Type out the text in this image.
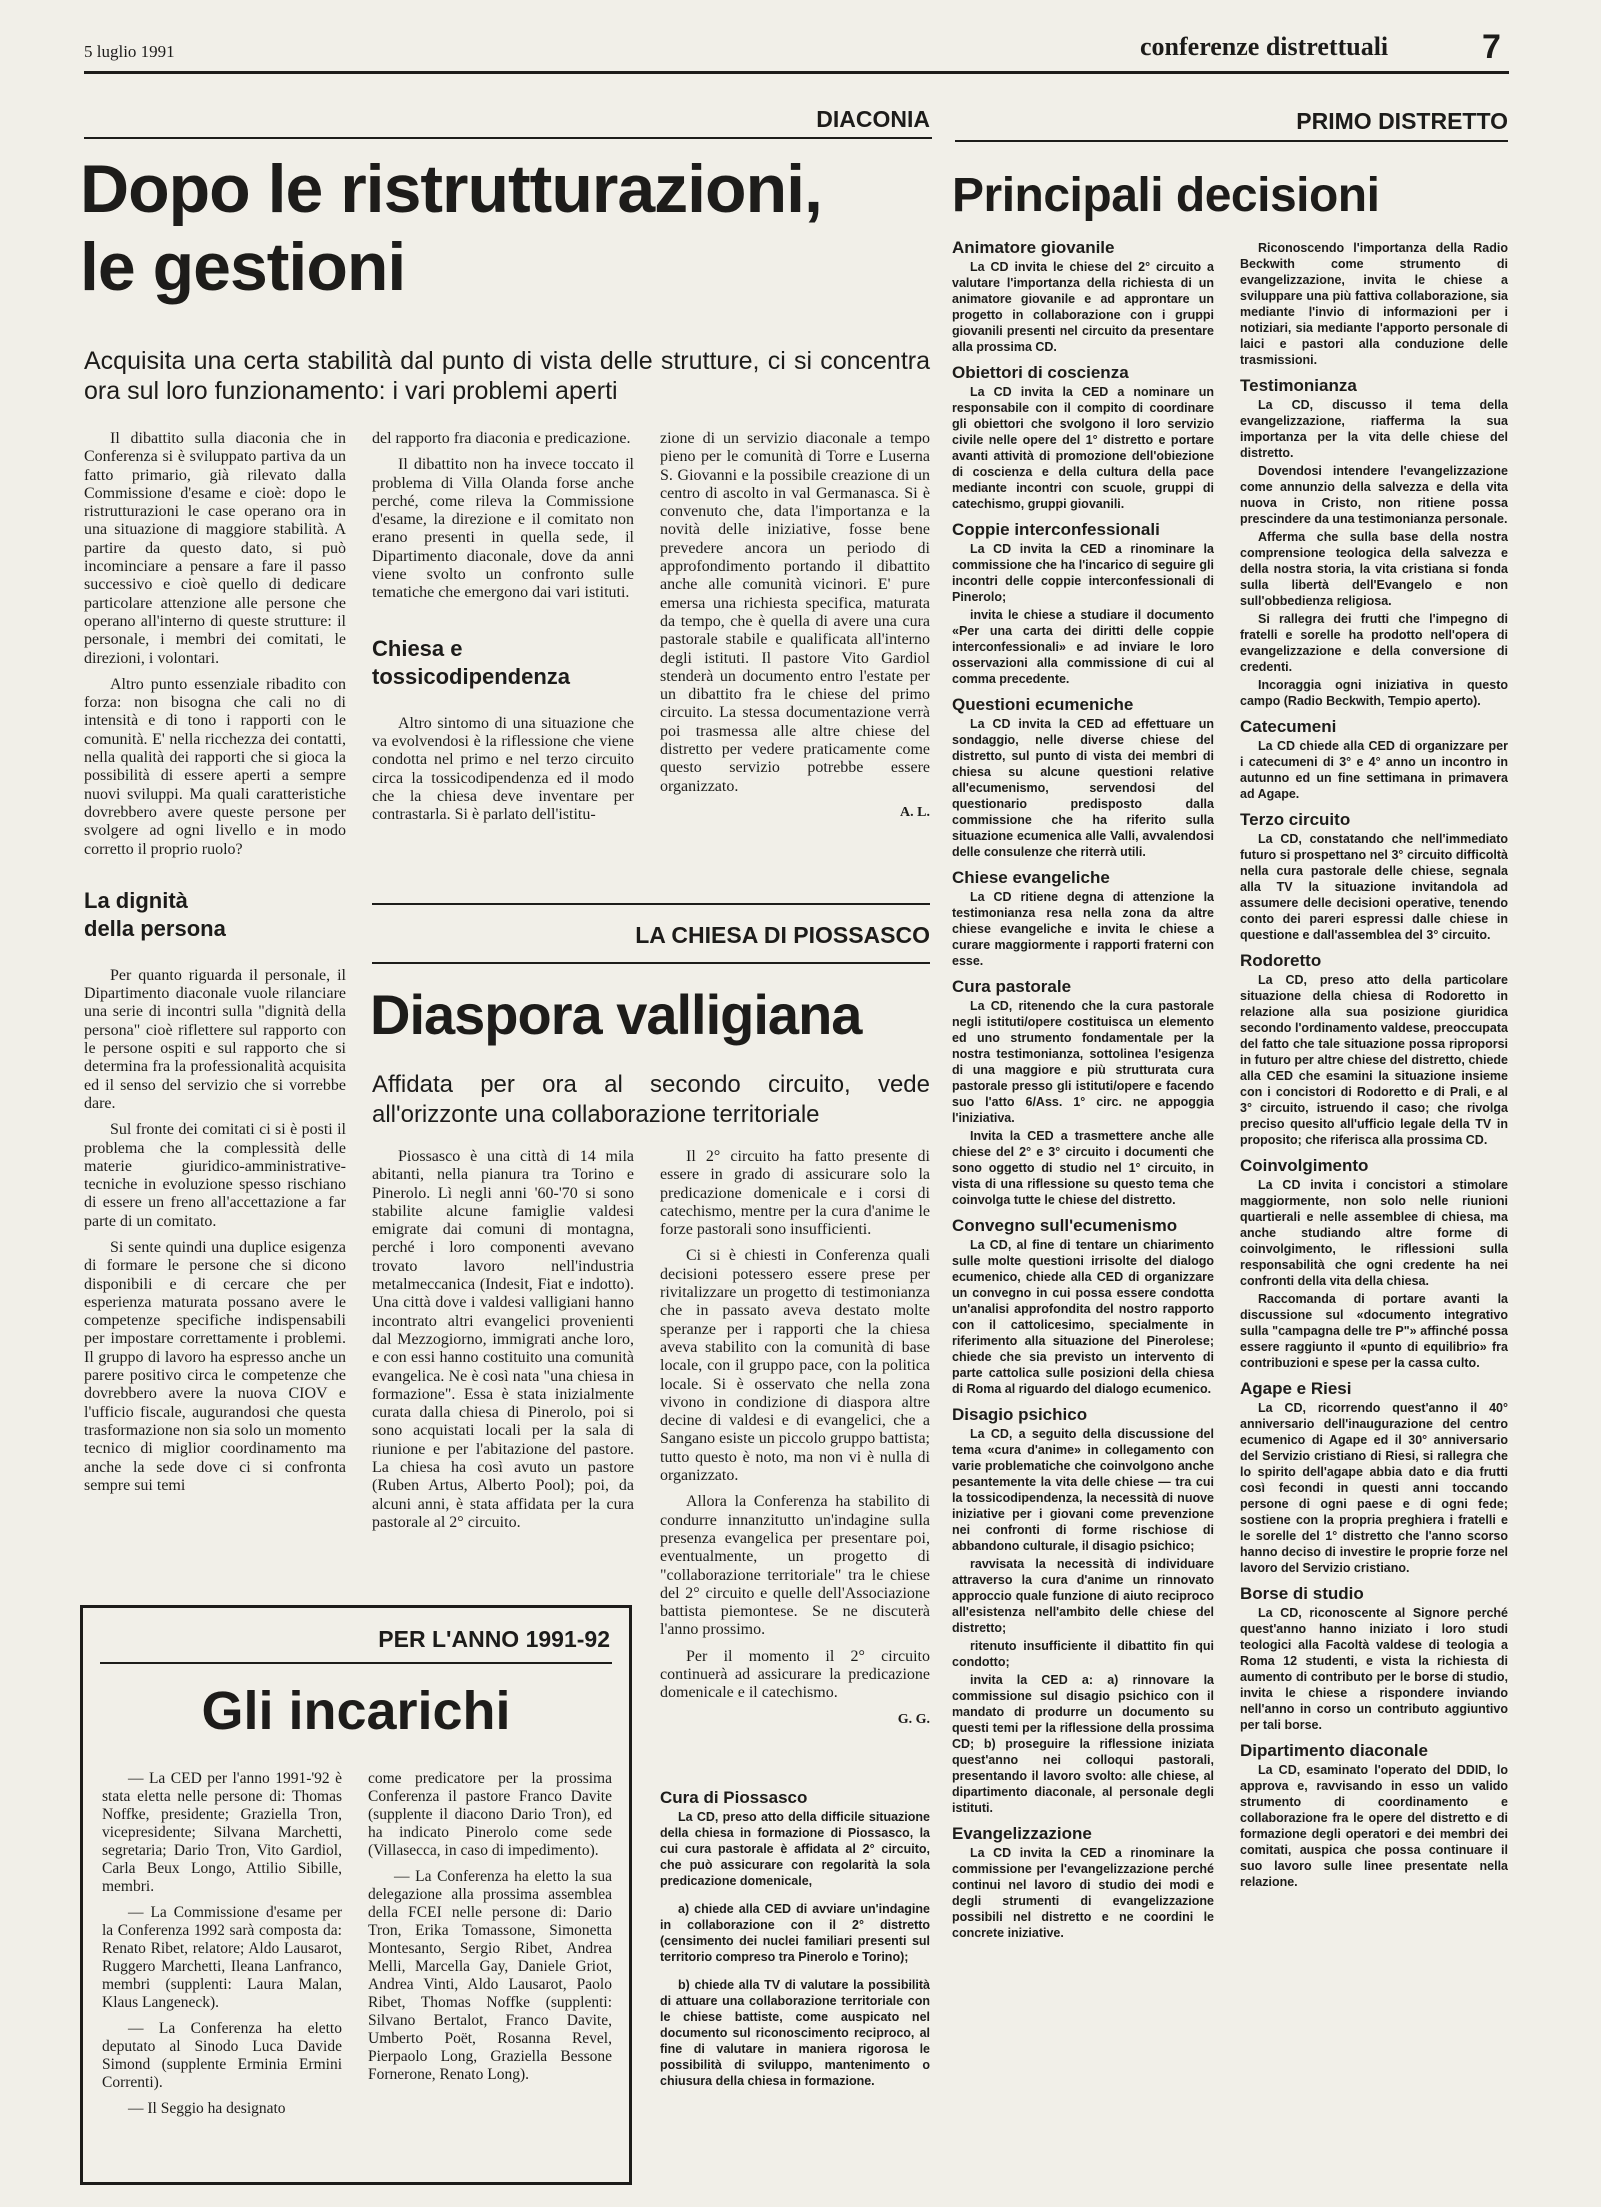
5 luglio 1991	conferenze distrettuali	7
DIACONIA
Dopo le ristrutturazioni,
le gestioni
Acquisita una certa stabilità dal punto di vista delle strutture, ci si concentra ora sul loro funzionamento: i vari problemi aperti

Il dibattito sulla diaconia che in Conferenza si è sviluppato partiva da un fatto primario, già rilevato dalla Commissione d'esame e cioè: dopo le ristrutturazioni le case operano ora in una situazione di maggiore stabilità. A partire da questo dato, si può incominciare a pensare a fare il passo successivo e cioè quello di dedicare particolare attenzione alle persone che operano all'interno di queste strutture: il personale, i membri dei comitati, le direzioni, i volontari.

Altro punto essenziale ribadito con forza: non bisogna che cali no di intensità e di tono i rapporti con le comunità. E' nella ricchezza dei contatti, nella qualità dei rapporti che si gioca la possibilità di essere aperti a sempre nuovi sviluppi. Ma quali caratteristiche dovrebbero avere queste persone per svolgere ad ogni livello e in modo corretto il proprio ruolo?

La dignità
della persona

Per quanto riguarda il personale, il Dipartimento diaconale vuole rilanciare una serie di incontri sulla "dignità della persona" cioè riflettere sul rapporto con le persone ospiti e sul rapporto che si determina fra la professionalità acquisita ed il senso del servizio che si vorrebbe dare.

Sul fronte dei comitati ci si è posti il problema che la complessità delle materie giuridico-amministrative-tecniche in evoluzione spesso rischiano di essere un freno all'accettazione a far parte di un comitato.

Si sente quindi una duplice esigenza di formare le persone che si dicono disponibili e di cercare che per esperienza maturata possano avere le competenze specifiche indispensabili per impostare correttamente i problemi. Il gruppo di lavoro ha espresso anche un parere positivo circa le competenze che dovrebbero avere la nuova CIOV e l'ufficio fiscale, augurandosi che questa trasformazione non sia solo un momento tecnico di miglior coordinamento ma anche la sede dove ci si confronta sempre sui temi

del rapporto fra diaconia e predicazione.

Il dibattito non ha invece toccato il problema di Villa Olanda forse anche perché, come rileva la Commissione d'esame, la direzione e il comitato non erano presenti in quella sede, il Dipartimento diaconale, dove da anni viene svolto un confronto sulle tematiche che emergono dai vari istituti.

Chiesa e
tossicodipendenza

Altro sintomo di una situazione che va evolvendosi è la riflessione che viene condotta nel primo e nel terzo circuito circa la tossicodipendenza ed il modo che la chiesa deve inventare per contrastarla. Si è parlato dell'istitu-

zione di un servizio diaconale a tempo pieno per le comunità di Torre e Luserna S. Giovanni e la possibile creazione di un centro di ascolto in val Germanasca. Si è convenuto che, data l'importanza e la novità delle iniziative, fosse bene prevedere ancora un periodo di approfondimento portando il dibattito anche alle comunità vicinori. E' pure emersa una richiesta specifica, maturata da tempo, che è quella di avere una cura pastorale stabile e qualificata all'interno degli istituti. Il pastore Vito Gardiol stenderà un documento entro l'estate per un dibattito fra le chiese del primo circuito. La stessa documentazione verrà poi trasmessa alle altre chiese del distretto per vedere praticamente come questo servizio potrebbe essere organizzato.

A. L.
LA CHIESA DI PIOSSASCO
Diaspora valligiana
Affidata per ora al secondo circuito, vede all'orizzonte una collaborazione territoriale

Piossasco è una città di 14 mila abitanti, nella pianura tra Torino e Pinerolo. Lì negli anni '60-'70 si sono stabilite alcune famiglie valdesi emigrate dai comuni di montagna, perché i loro componenti avevano trovato lavoro nell'industria metalmeccanica (Indesit, Fiat e indotto). Una città dove i valdesi valligiani hanno incontrato altri evangelici provenienti dal Mezzogiorno, immigrati anche loro, e con essi hanno costituito una comunità evangelica. Ne è così nata "una chiesa in formazione". Essa è stata inizialmente curata dalla chiesa di Pinerolo, poi si sono acquistati locali per la sala di riunione e per l'abitazione del pastore. La chiesa ha così avuto un pastore (Ruben Artus, Alberto Pool); poi, da alcuni anni, è stata affidata per la cura pastorale al 2° circuito.

Il 2° circuito ha fatto presente di essere in grado di assicurare solo la predicazione domenicale e i corsi di catechismo, mentre per la cura d'anime le forze pastorali sono insufficienti.

Ci si è chiesti in Conferenza quali decisioni potessero essere prese per rivitalizzare un progetto di testimonianza che in passato aveva destato molte speranze per i rapporti che la chiesa aveva stabilito con la comunità di base locale, con il gruppo pace, con la politica locale. Si è osservato che nella zona vivono in condizione di diaspora altre decine di valdesi e di evangelici, che a Sangano esiste un piccolo gruppo battista; tutto questo è noto, ma non vi è nulla di organizzato.

Allora la Conferenza ha stabilito di condurre innanzitutto un'indagine sulla presenza evangelica per presentare poi, eventualmente, un progetto di "collaborazione territoriale" tra le chiese del 2° circuito e quelle dell'Associazione battista piemontese. Se ne discuterà l'anno prossimo.

Per il momento il 2° circuito continuerà ad assicurare la predicazione domenicale e il catechismo.

G. G.
Cura di Piossasco

La CD, preso atto della difficile situazione della chiesa in formazione di Piossasco, la cui cura pastorale è affidata al 2° circuito, che può assicurare con regolarità la sola predicazione domenicale,

a) chiede alla CED di avviare un'indagine in collaborazione con il 2° distretto (censimento dei nuclei familiari presenti sul territorio compreso tra Pinerolo e Torino);

b) chiede alla TV di valutare la possibilità di attuare una collaborazione territoriale con le chiese battiste, come auspicato nel documento sul riconoscimento reciproco, al fine di valutare in maniera rigorosa le possibilità di sviluppo, mantenimento o chiusura della chiesa in formazione.

PER L'ANNO 1991-92
Gli incarichi

— La CED per l'anno 1991-'92 è stata eletta nelle persone di: Thomas Noffke, presidente; Graziella Tron, vicepresidente; Silvana Marchetti, segretaria; Dario Tron, Vito Gardiol, Carla Beux Longo, Attilio Sibille, membri.

— La Commissione d'esame per la Conferenza 1992 sarà composta da: Renato Ribet, relatore; Aldo Lausarot, Ruggero Marchetti, Ileana Lanfranco, membri (supplenti: Laura Malan, Klaus Langeneck).

— La Conferenza ha eletto deputato al Sinodo Luca Davide Simond (supplente Erminia Ermini Correnti).

— Il Seggio ha designato

come predicatore per la prossima Conferenza il pastore Franco Davite (supplente il diacono Dario Tron), ed ha indicato Pinerolo come sede (Villasecca, in caso di impedimento).

— La Conferenza ha eletto la sua delegazione alla prossima assemblea della FCEI nelle persone di: Dario Tron, Erika Tomassone, Simonetta Montesanto, Sergio Ribet, Andrea Melli, Marcella Gay, Daniele Griot, Andrea Vinti, Aldo Lausarot, Paolo Ribet, Thomas Noffke (supplenti: Silvano Bertalot, Franco Davite, Umberto Poët, Rosanna Revel, Pierpaolo Long, Graziella Bessone Fornerone, Renato Long).

PRIMO DISTRETTO
Principali decisioni
Animatore giovanile

La CD invita le chiese del 2° circuito a valutare l'importanza della richiesta di un animatore giovanile e ad approntare un progetto in collaborazione con i gruppi giovanili presenti nel circuito da presentare alla prossima CD.

Obiettori di coscienza

La CD invita la CED a nominare un responsabile con il compito di coordinare gli obiettori che svolgono il loro servizio civile nelle opere del 1° distretto e portare avanti attività di promozione dell'obiezione di coscienza e della cultura della pace mediante incontri con scuole, gruppi di catechismo, gruppi giovanili.

Coppie interconfessionali

La CD invita la CED a rinominare la commissione che ha l'incarico di seguire gli incontri delle coppie interconfessionali di Pinerolo;

invita le chiese a studiare il documento «Per una carta dei diritti delle coppie interconfessionali» e ad inviare le loro osservazioni alla commissione di cui al comma precedente.

Questioni ecumeniche

La CD invita la CED ad effettuare un sondaggio, nelle diverse chiese del distretto, sul punto di vista dei membri di chiesa su alcune questioni relative all'ecumenismo, servendosi del questionario predisposto dalla commissione che ha riferito sulla situazione ecumenica alle Valli, avvalendosi delle consulenze che riterrà utili.

Chiese evangeliche

La CD ritiene degna di attenzione la testimonianza resa nella zona da altre chiese evangeliche e invita le chiese a curare maggiormente i rapporti fraterni con esse.

Cura pastorale

La CD, ritenendo che la cura pastorale negli istituti/opere costituisca un elemento ed uno strumento fondamentale per la nostra testimonianza, sottolinea l'esigenza di una maggiore e più strutturata cura pastorale presso gli istituti/opere e facendo suo l'atto 6/Ass. 1° circ. ne appoggia l'iniziativa.

Invita la CED a trasmettere anche alle chiese del 2° e 3° circuito i documenti che sono oggetto di studio nel 1° circuito, in vista di una riflessione su questo tema che coinvolga tutte le chiese del distretto.

Convegno sull'ecumenismo

La CD, al fine di tentare un chiarimento sulle molte questioni irrisolte del dialogo ecumenico, chiede alla CED di organizzare un convegno in cui possa essere condotta un'analisi approfondita del nostro rapporto con il cattolicesimo, specialmente in riferimento alla situazione del Pinerolese; chiede che sia previsto un intervento di parte cattolica sulle posizioni della chiesa di Roma al riguardo del dialogo ecumenico.

Disagio psichico

La CD, a seguito della discussione del tema «cura d'anime» in collegamento con varie problematiche che coinvolgono anche pesantemente la vita delle chiese — tra cui la tossicodipendenza, la necessità di nuove iniziative per i giovani come prevenzione nei confronti di forme rischiose di abbandono culturale, il disagio psichico;

ravvisata la necessità di individuare attraverso la cura d'anime un rinnovato approccio quale funzione di aiuto reciproco all'esistenza nell'ambito delle chiese del distretto;

ritenuto insufficiente il dibattito fin qui condotto;

invita la CED a: a) rinnovare la commissione sul disagio psichico con il mandato di produrre un documento su questi temi per la riflessione della prossima CD; b) proseguire la riflessione iniziata quest'anno nei colloqui pastorali, presentando il lavoro svolto: alle chiese, al dipartimento diaconale, al personale degli istituti.

Evangelizzazione

La CD invita la CED a rinominare la commissione per l'evangelizzazione perché continui nel lavoro di studio dei modi e degli strumenti di evangelizzazione possibili nel distretto e ne coordini le concrete iniziative.

Riconoscendo l'importanza della Radio Beckwith come strumento di evangelizzazione, invita le chiese a sviluppare una più fattiva collaborazione, sia mediante l'invio di informazioni per i notiziari, sia mediante l'apporto personale di laici e pastori alla conduzione delle trasmissioni.

Testimonianza

La CD, discusso il tema della evangelizzazione, riafferma la sua importanza per la vita delle chiese del distretto.

Dovendosi intendere l'evangelizzazione come annunzio della salvezza e della vita nuova in Cristo, non ritiene possa prescindere da una testimonianza personale.

Afferma che sulla base della nostra comprensione teologica della salvezza e della nostra storia, la vita cristiana si fonda sulla libertà dell'Evangelo e non sull'obbedienza religiosa.

Si rallegra dei frutti che l'impegno di fratelli e sorelle ha prodotto nell'opera di evangelizzazione e della conversione di credenti.

Incoraggia ogni iniziativa in questo campo (Radio Beckwith, Tempio aperto).

Catecumeni

La CD chiede alla CED di organizzare per i catecumeni di 3° e 4° anno un incontro in autunno ed un fine settimana in primavera ad Agape.

Terzo circuito

La CD, constatando che nell'immediato futuro si prospettano nel 3° circuito difficoltà nella cura pastorale delle chiese, segnala alla TV la situazione invitandola ad assumere delle decisioni operative, tenendo conto dei pareri espressi dalle chiese in questione e dall'assemblea del 3° circuito.

Rodoretto

La CD, preso atto della particolare situazione della chiesa di Rodoretto in relazione alla sua posizione giuridica secondo l'ordinamento valdese, preoccupata del fatto che tale situazione possa riproporsi in futuro per altre chiese del distretto, chiede alla CED che esamini la situazione insieme con i concistori di Rodoretto e di Prali, e al 3° circuito, istruendo il caso; che rivolga preciso quesito all'ufficio legale della TV in proposito; che riferisca alla prossima CD.

Coinvolgimento

La CD invita i concistori a stimolare maggiormente, non solo nelle riunioni quartierali e nelle assemblee di chiesa, ma anche studiando altre forme di coinvolgimento, le riflessioni sulla responsabilità che ogni credente ha nei confronti della vita della chiesa.

Raccomanda di portare avanti la discussione sul «documento integrativo sulla "campagna delle tre P"» affinché possa essere raggiunto il «punto di equilibrio» fra contribuzioni e spese per la cassa culto.

Agape e Riesi

La CD, ricorrendo quest'anno il 40° anniversario dell'inaugurazione del centro ecumenico di Agape ed il 30° anniversario del Servizio cristiano di Riesi, si rallegra che lo spirito dell'agape abbia dato e dia frutti così fecondi in questi anni toccando persone di ogni paese e di ogni fede; sostiene con la propria preghiera i fratelli e le sorelle del 1° distretto che l'anno scorso hanno deciso di investire le proprie forze nel lavoro del Servizio cristiano.

Borse di studio

La CD, riconoscente al Signore perché quest'anno hanno iniziato i loro studi teologici alla Facoltà valdese di teologia a Roma 12 studenti, e vista la richiesta di aumento di contributo per le borse di studio, invita le chiese a rispondere inviando nell'anno in corso un contributo aggiuntivo per tali borse.

Dipartimento diaconale

La CD, esaminato l'operato del DDID, lo approva e, ravvisando in esso un valido strumento di coordinamento e collaborazione fra le opere del distretto e di formazione degli operatori e dei membri dei comitati, auspica che possa continuare il suo lavoro sulle linee presentate nella relazione.
